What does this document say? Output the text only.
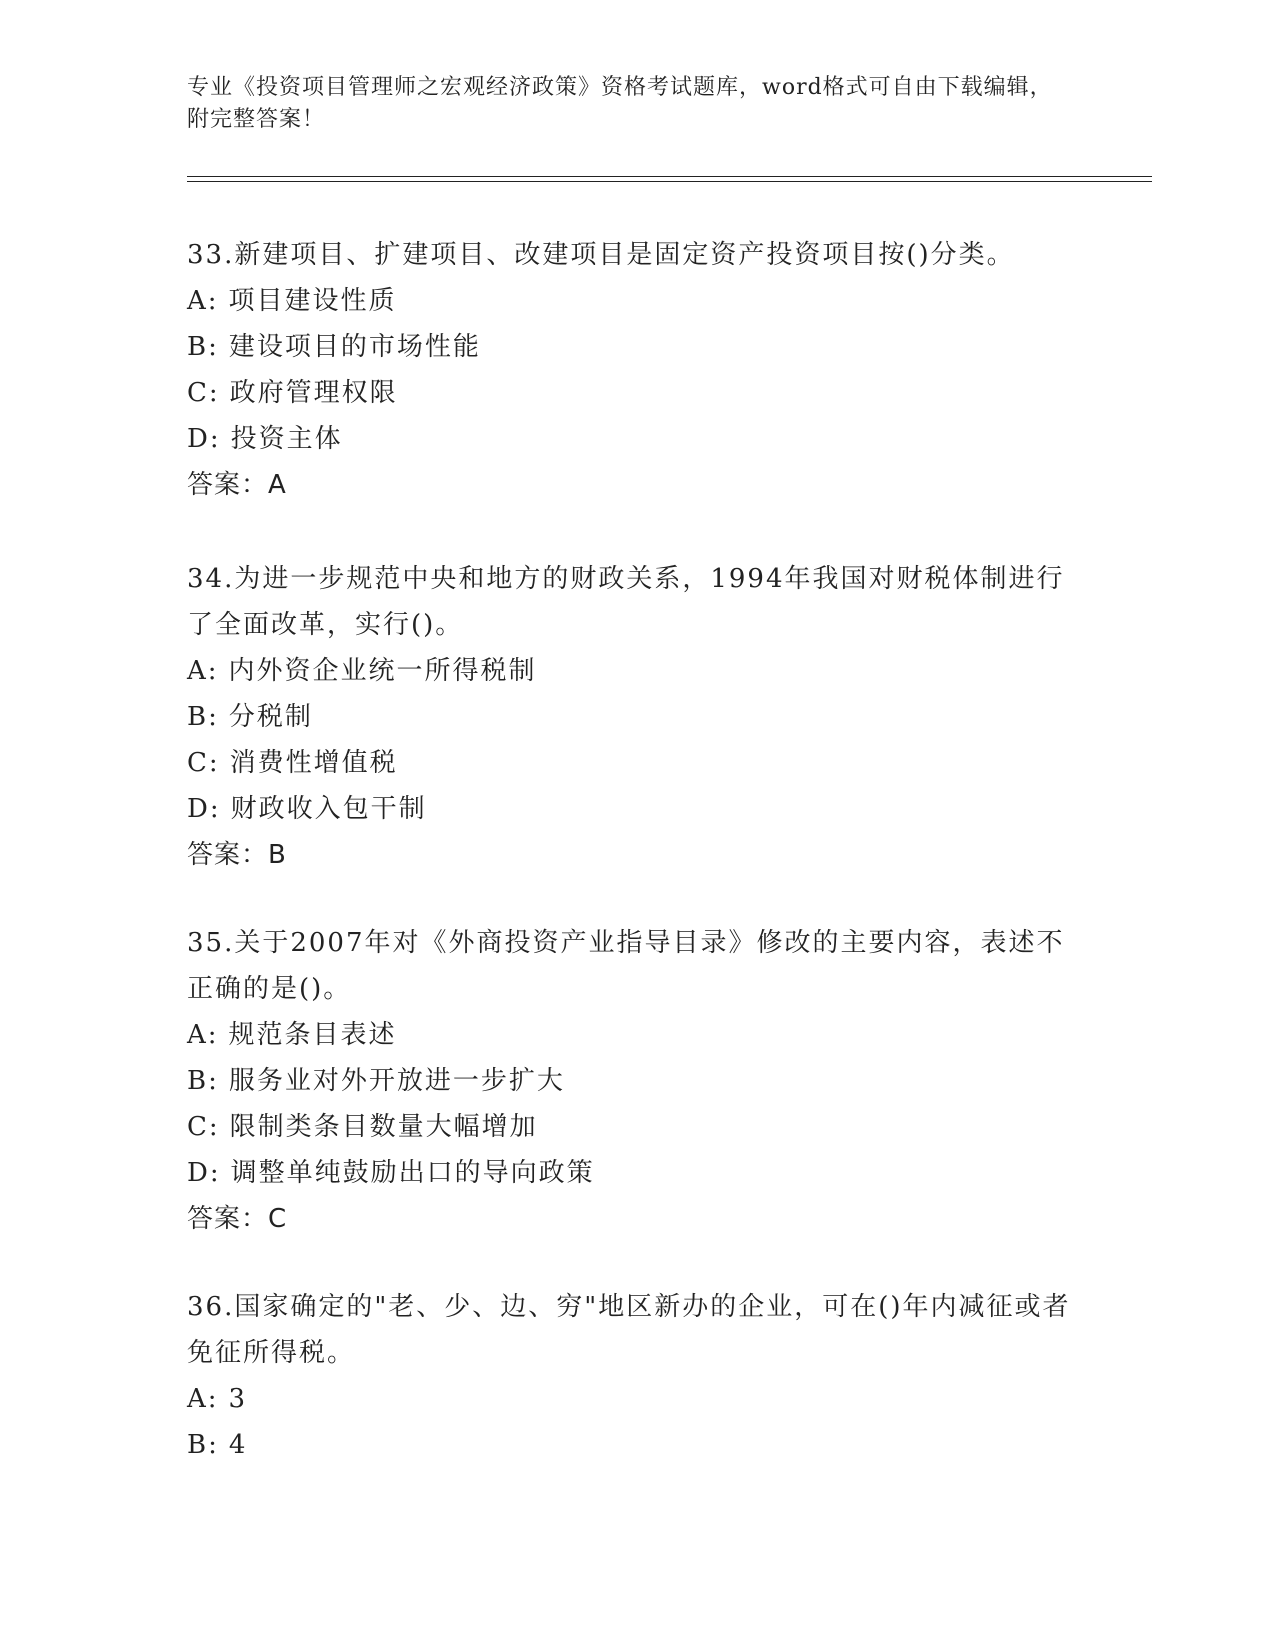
专业《投资项目管理师之宏观经济政策》资格考试题库，word格式可自由下载编辑，附完整答案！

33.新建项目、扩建项目、改建项目是固定资产投资项目按()分类。

A: 项目建设性质

B: 建设项目的市场性能

C: 政府管理权限

D: 投资主体

答案：A

34.为进一步规范中央和地方的财政关系，1994年我国对财税体制进行了全面改革，实行()。

A: 内外资企业统一所得税制

B: 分税制

C: 消费性增值税

D: 财政收入包干制

答案：B

35.关于2007年对《外商投资产业指导目录》修改的主要内容，表述不正确的是()。

A: 规范条目表述

B: 服务业对外开放进一步扩大

C: 限制类条目数量大幅增加

D: 调整单纯鼓励出口的导向政策

答案：C

36.国家确定的"老、少、边、穷"地区新办的企业，可在()年内减征或者免征所得税。

A: 3

B: 4
